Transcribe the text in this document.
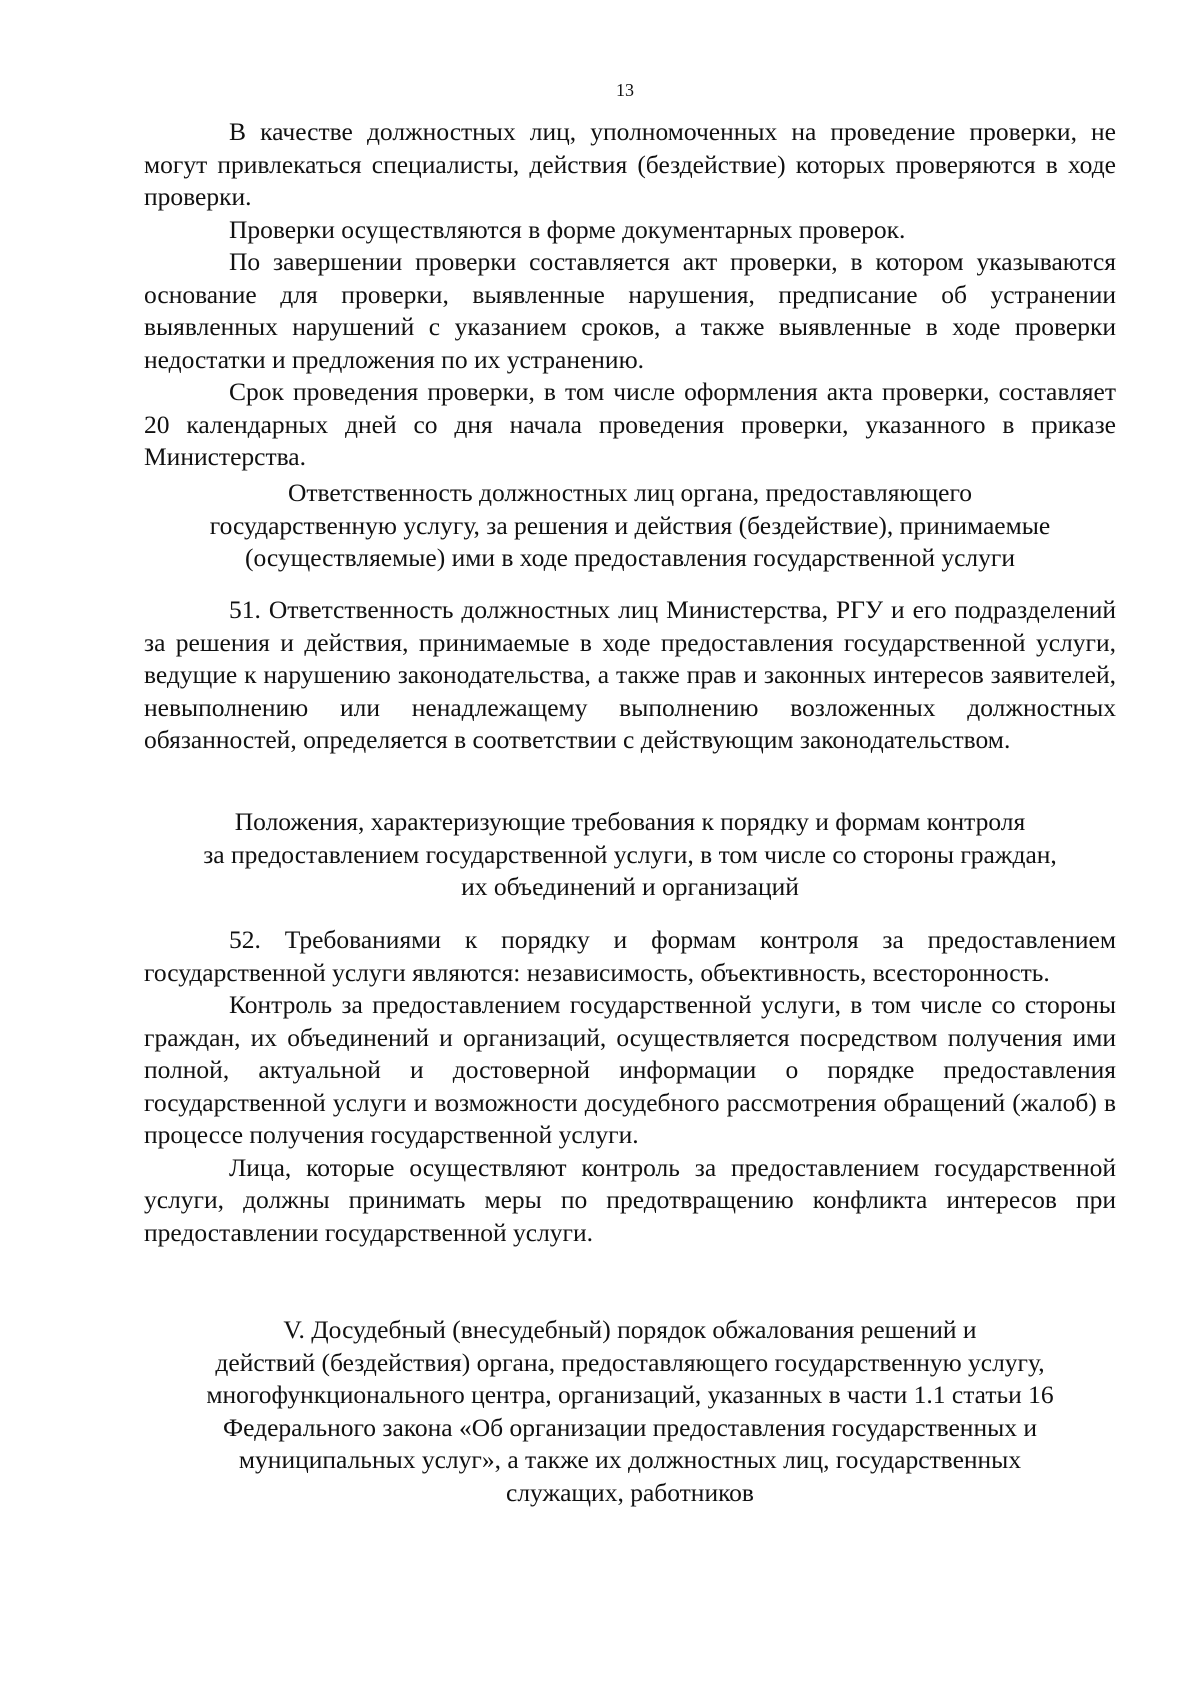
13

В качестве должностных лиц, уполномоченных на проведение проверки, не могут привлекаться специалисты, действия (бездействие) которых проверяются в ходе проверки.

Проверки осуществляются в форме документарных проверок.

По завершении проверки составляется акт проверки, в котором указываются основание для проверки, выявленные нарушения, предписание об устранении выявленных нарушений с указанием сроков, а также выявленные в ходе проверки недостатки и предложения по их устранению.

Срок проведения проверки, в том числе оформления акта проверки, составляет 20 календарных дней со дня начала проведения проверки, указанного в приказе Министерства.

Ответственность должностных лиц органа, предоставляющего
государственную услугу, за решения и действия (бездействие), принимаемые
(осуществляемые) ими в ходе предоставления государственной услуги

51. Ответственность должностных лиц Министерства, РГУ и его подразделений за решения и действия, принимаемые в ходе предоставления государственной услуги, ведущие к нарушению законодательства, а также прав и законных интересов заявителей, невыполнению или ненадлежащему выполнению возложенных должностных обязанностей, определяется в соответствии с действующим законодательством.

Положения, характеризующие требования к порядку и формам контроля
за предоставлением государственной услуги, в том числе со стороны граждан,
их объединений и организаций

52. Требованиями к порядку и формам контроля за предоставлением государственной услуги являются: независимость, объективность, всесторонность.

Контроль за предоставлением государственной услуги, в том числе со стороны граждан, их объединений и организаций, осуществляется посредством получения ими полной, актуальной и достоверной информации о порядке предоставления государственной услуги и возможности досудебного рассмотрения обращений (жалоб) в процессе получения государственной услуги.

Лица, которые осуществляют контроль за предоставлением государственной услуги, должны принимать меры по предотвращению конфликта интересов при предоставлении государственной услуги.

V. Досудебный (внесудебный) порядок обжалования решений и
действий (бездействия) органа, предоставляющего государственную услугу,
многофункционального центра, организаций, указанных в части 1.1 статьи 16
Федерального закона «Об организации предоставления государственных и
муниципальных услуг», а также их должностных лиц, государственных
служащих, работников
